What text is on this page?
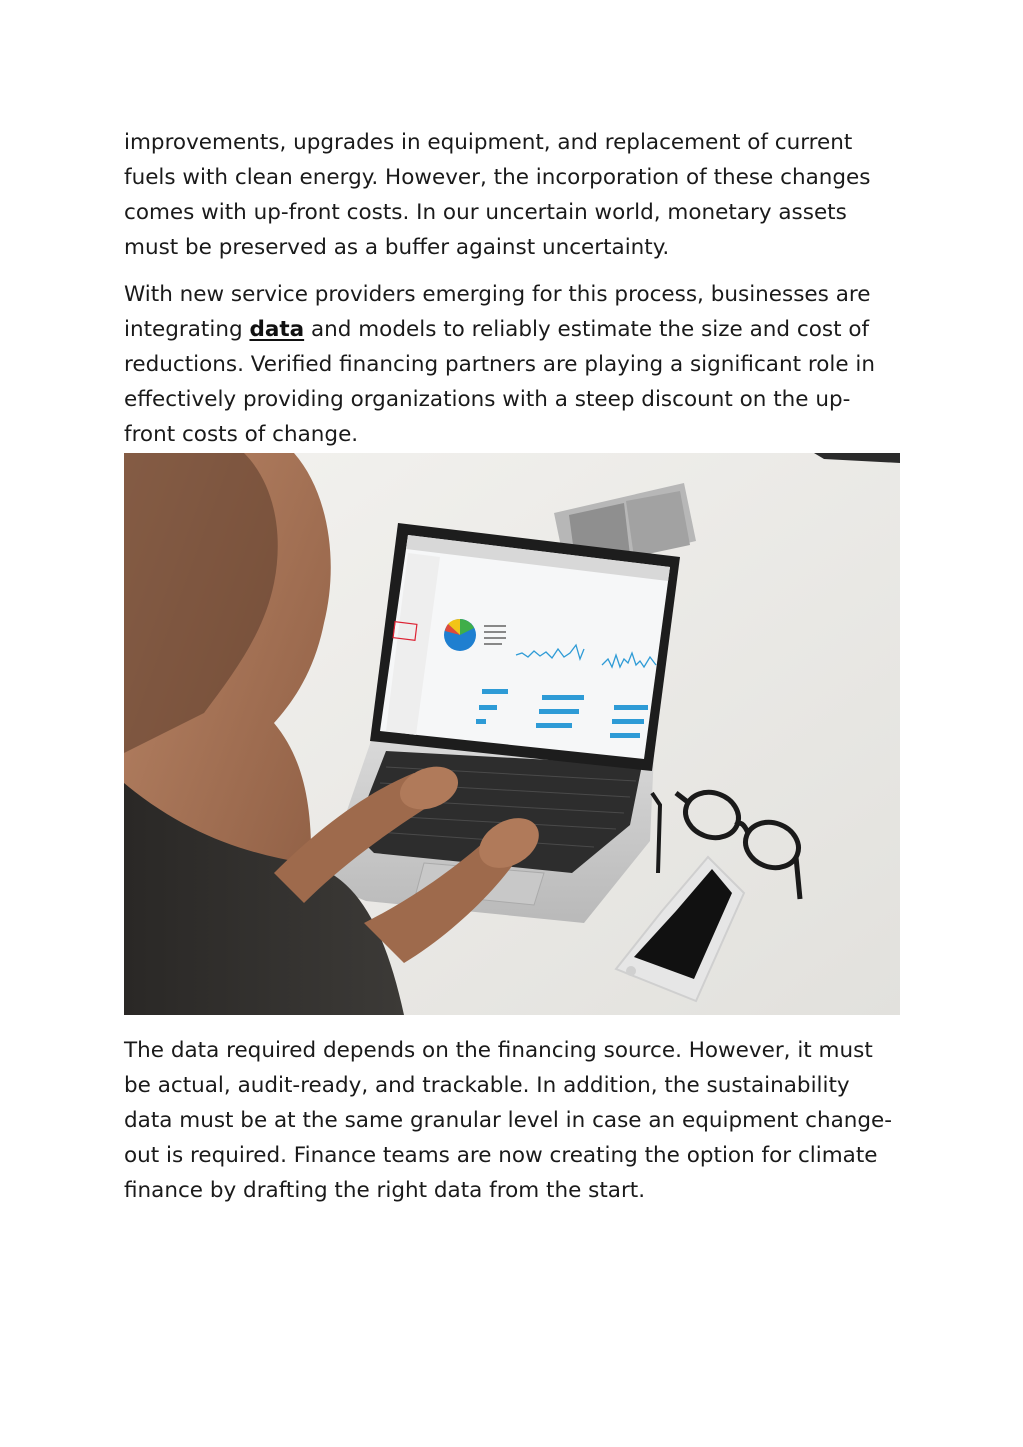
improvements, upgrades in equipment, and replacement of current fuels with clean energy. However, the incorporation of these changes comes with up-front costs. In our uncertain world, monetary assets must be preserved as a buffer against uncertainty.

With new service providers emerging for this process, businesses are integrating data and models to reliably estimate the size and cost of reductions. Verified financing partners are playing a significant role in effectively providing organizations with a steep discount on the up-front costs of change.

The data required depends on the financing source. However, it must be actual, audit-ready, and trackable. In addition, the sustainability data must be at the same granular level in case an equipment change-out is required. Finance teams are now creating the option for climate finance by drafting the right data from the start.
